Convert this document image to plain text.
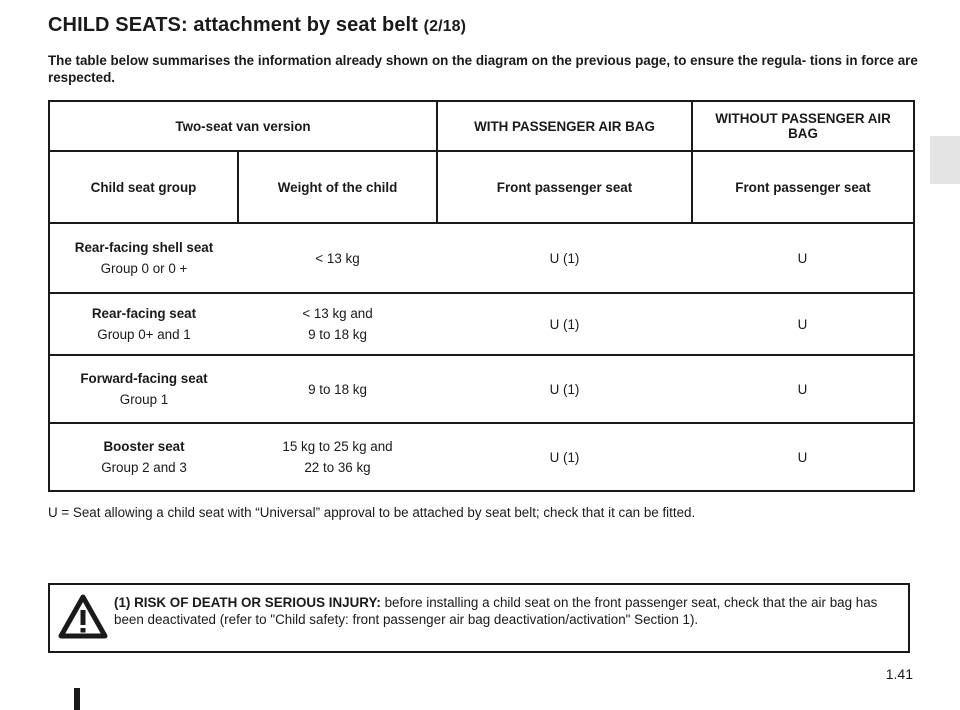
CHILD SEATS: attachment by seat belt (2/18)
The table below summarises the information already shown on the diagram on the previous page, to ensure the regula- tions in force are respected.
Two-seat van version		WITH PASSENGER AIR BAG	WITHOUT PASSENGER AIR BAG
Child seat group	Weight of the child	Front passenger seat	Front passenger seat

Rear-facing shell seat
Group 0 or 0 +	< 13 kg	U (1)	U

Rear-facing seat
Group 0+ and 1	< 13 kg and
9 to 18 kg	U (1)	U

Forward-facing seat
Group 1	9 to 18 kg	U (1)	U

Booster seat
Group 2 and 3	15 kg to 25 kg and
22 to 36 kg	U (1)	U
U = Seat allowing a child seat with “Universal” approval to be attached by seat belt; check that it can be fitted.
(1) RISK OF DEATH OR SERIOUS INJURY: before installing a child seat on the front passenger seat, check that the air bag has been deactivated (refer to "Child safety: front passenger air bag deactivation/activation" Section 1).
1.41
